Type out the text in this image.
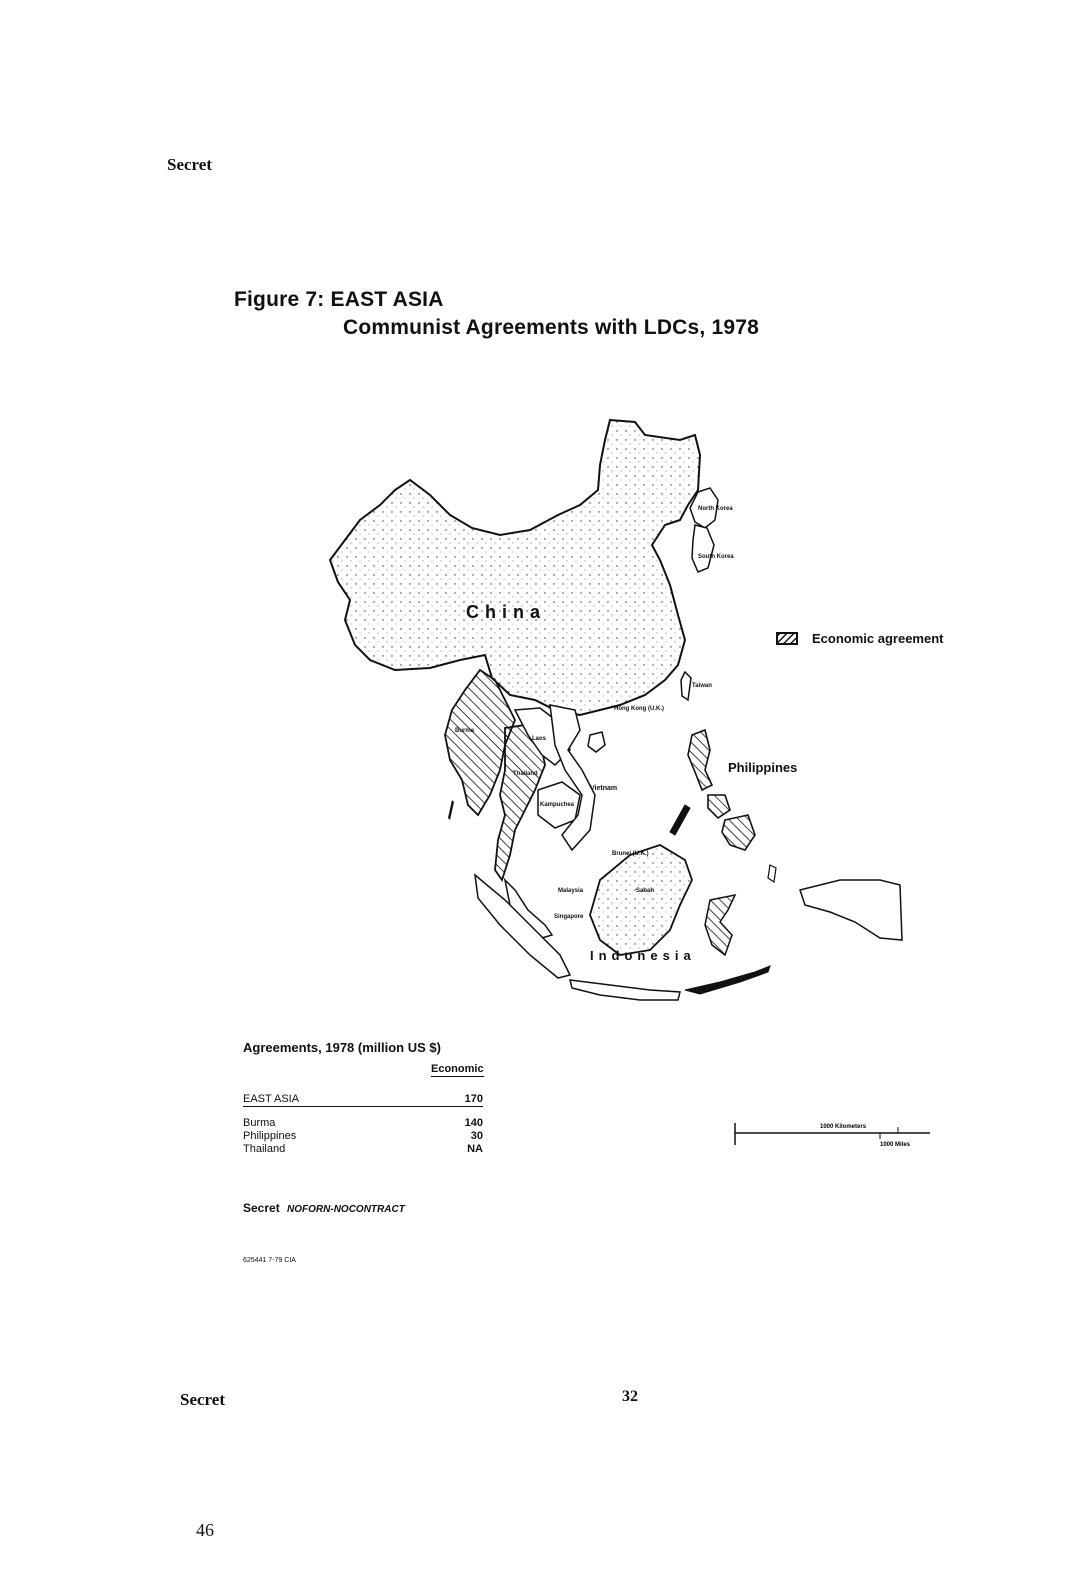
Secret
Figure 7: EAST ASIA
Communist Agreements with LDCs, 1978
China
North Korea
South Korea
Taiwan
Hong Kong (U.K.)
Philippines
Vietnam
Kampuchea
Burma
Laos
Thailand
Brunei (U.K.)
Malaysia	Sabah
Singapore
Indonesia
Economic agreement
Agreements, 1978 (million US $)
Economic
EAST ASIA	170
Burma	140
Philippines	30
Thailand	NA
1000 Kilometers
1000 Miles
Secret NOFORN-NOCONTRACT
625441 7-79 CIA
Secret	32
46
